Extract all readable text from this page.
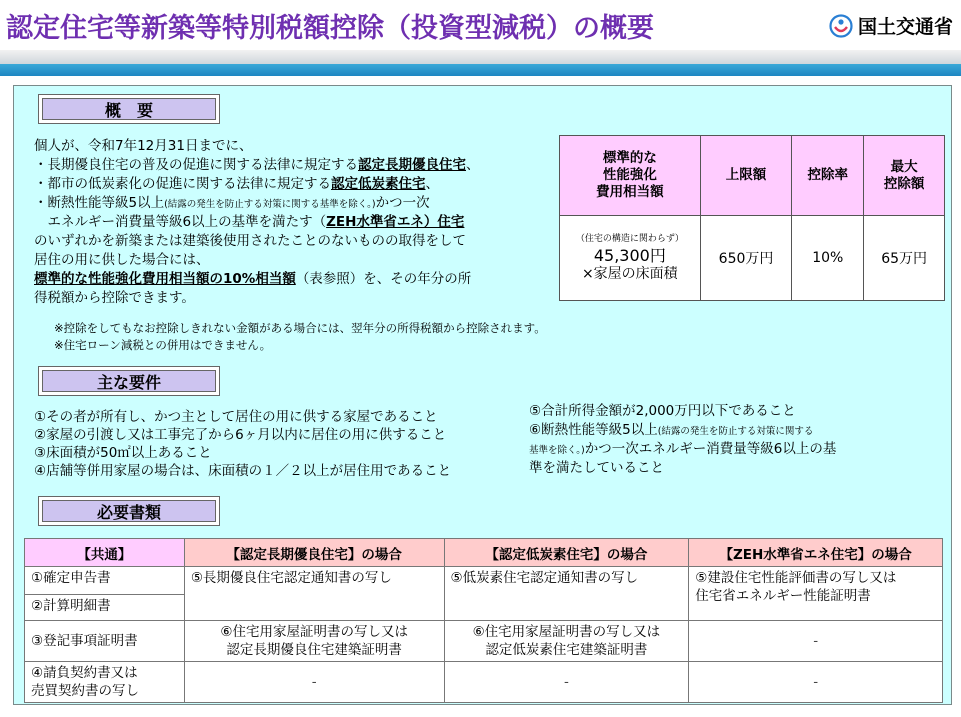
認定住宅等新築等特別税額控除（投資型減税）の概要	国土交通省
概　要
個人が、令和7年12月31日までに、
・長期優良住宅の普及の促進に関する法律に規定する認定長期優良住宅、
・都市の低炭素化の促進に関する法律に規定する認定低炭素住宅、
・断熱性能等級5以上(結露の発生を防止する対策に関する基準を除く。)かつ一次
　エネルギー消費量等級6以上の基準を満たす（ZEH水準省エネ）住宅
のいずれかを新築または建築後使用されたことのないものの取得をして
居住の用に供した場合には、
標準的な性能強化費用相当額の10%相当額（表参照）を、その年分の所
得税額から控除できます。
※控除をしてもなお控除しきれない金額がある場合には、翌年分の所得税額から控除されます。
※住宅ローン減税との併用はできません。
標準的な
性能強化
費用相当額	上限額	控除率	最大
控除額

（住宅の構造に関わらず）
45,300円
×家屋の床面積	650万円	10%	65万円
主な要件
①その者が所有し、かつ主として居住の用に供する家屋であること
②家屋の引渡し又は工事完了から6ヶ月以内に居住の用に供すること
③床面積が50㎡以上あること
④店舗等併用家屋の場合は、床面積の１／２以上が居住用であること
⑤合計所得金額が2,000万円以下であること
⑥断熱性能等級5以上(結露の発生を防止する対策に関する
基準を除く。)かつ一次エネルギー消費量等級6以上の基
準を満たしていること
必要書類
【共通】	【認定長期優良住宅】の場合	【認定低炭素住宅】の場合	【ZEH水準省エネ住宅】の場合
①確定申告書	⑤長期優良住宅認定通知書の写し	⑤低炭素住宅認定通知書の写し	⑤建設住宅性能評価書の写し又は
住宅省エネルギー性能証明書
②計算明細書			
③登記事項証明書	⑥住宅用家屋証明書の写し又は
認定長期優良住宅建築証明書	⑥住宅用家屋証明書の写し又は
認定低炭素住宅建築証明書	-
④請負契約書又は
売買契約書の写し	-	-	-
